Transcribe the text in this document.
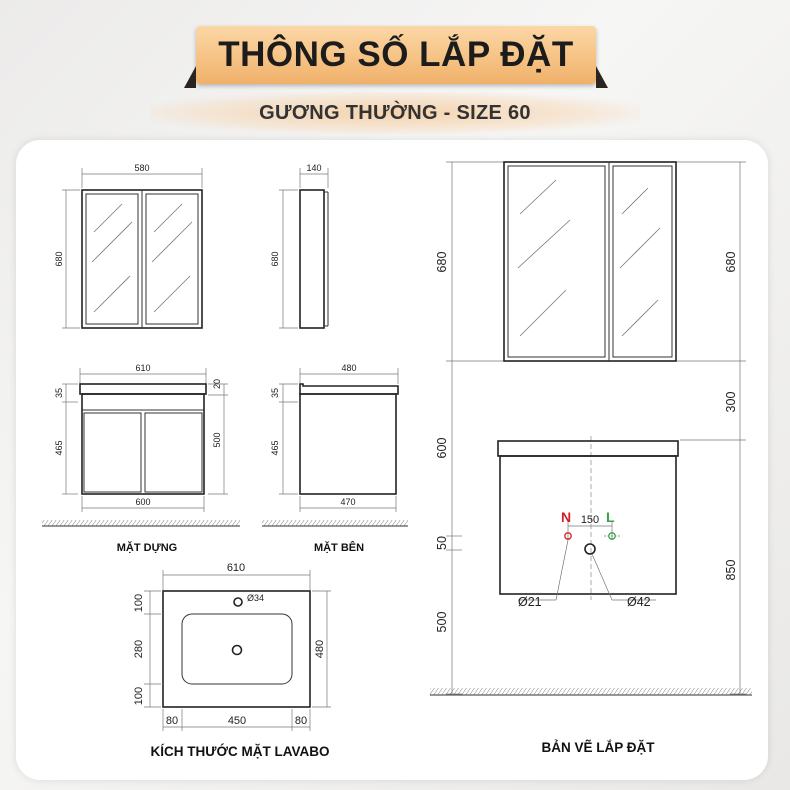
THÔNG SỐ LẮP ĐẶT
GƯƠNG THƯỜNG - SIZE 60
580
680
140
680
610
35
465
20
500
600
MẶT DỰNG
480
35
465
470
MẶT BÊN
610
100
280
100
480
Ø34
80	450	80
KÍCH THƯỚC MẶT LAVABO
680
600
50
500
680
300
850
N L
150
Ø21	Ø42
BẢN VẼ LẮP ĐẶT
